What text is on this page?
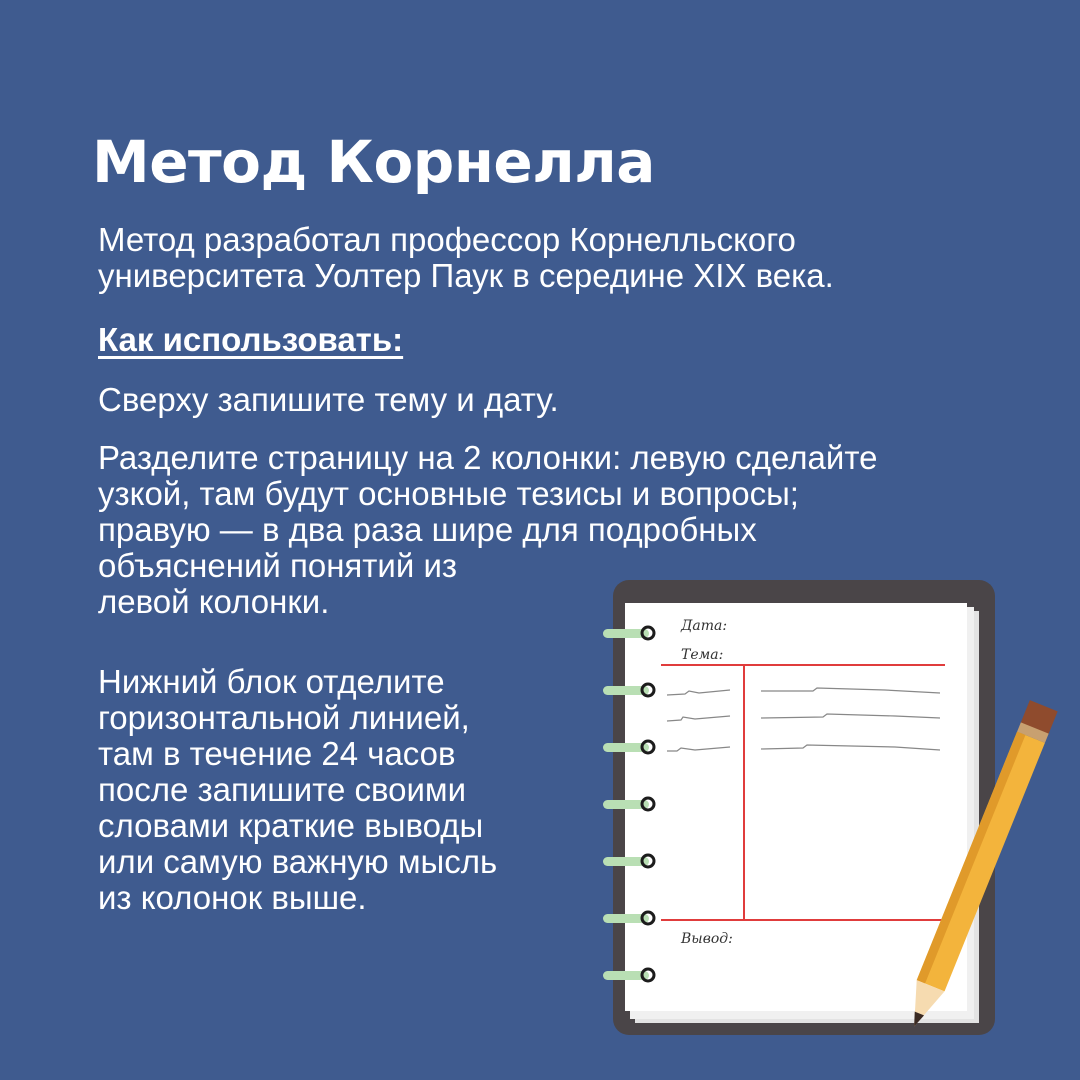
Метод Корнелла

Метод разработал профессор Корнелльского
университета Уолтер Паук в середине XIX века.

Как использовать:

Сверху запишите тему и дату.

Разделите страницу на 2 колонки: левую сделайте
узкой, там будут основные тезисы и вопросы;
правую — в два раза шире для подробных
объяснений понятий из
левой колонки.

Нижний блок отделите
горизонтальной линией,
там в течение 24 часов
после запишите своими
словами краткие выводы
или самую важную мысль
из колонок выше.

Дата:
Тема:
Вывод:
